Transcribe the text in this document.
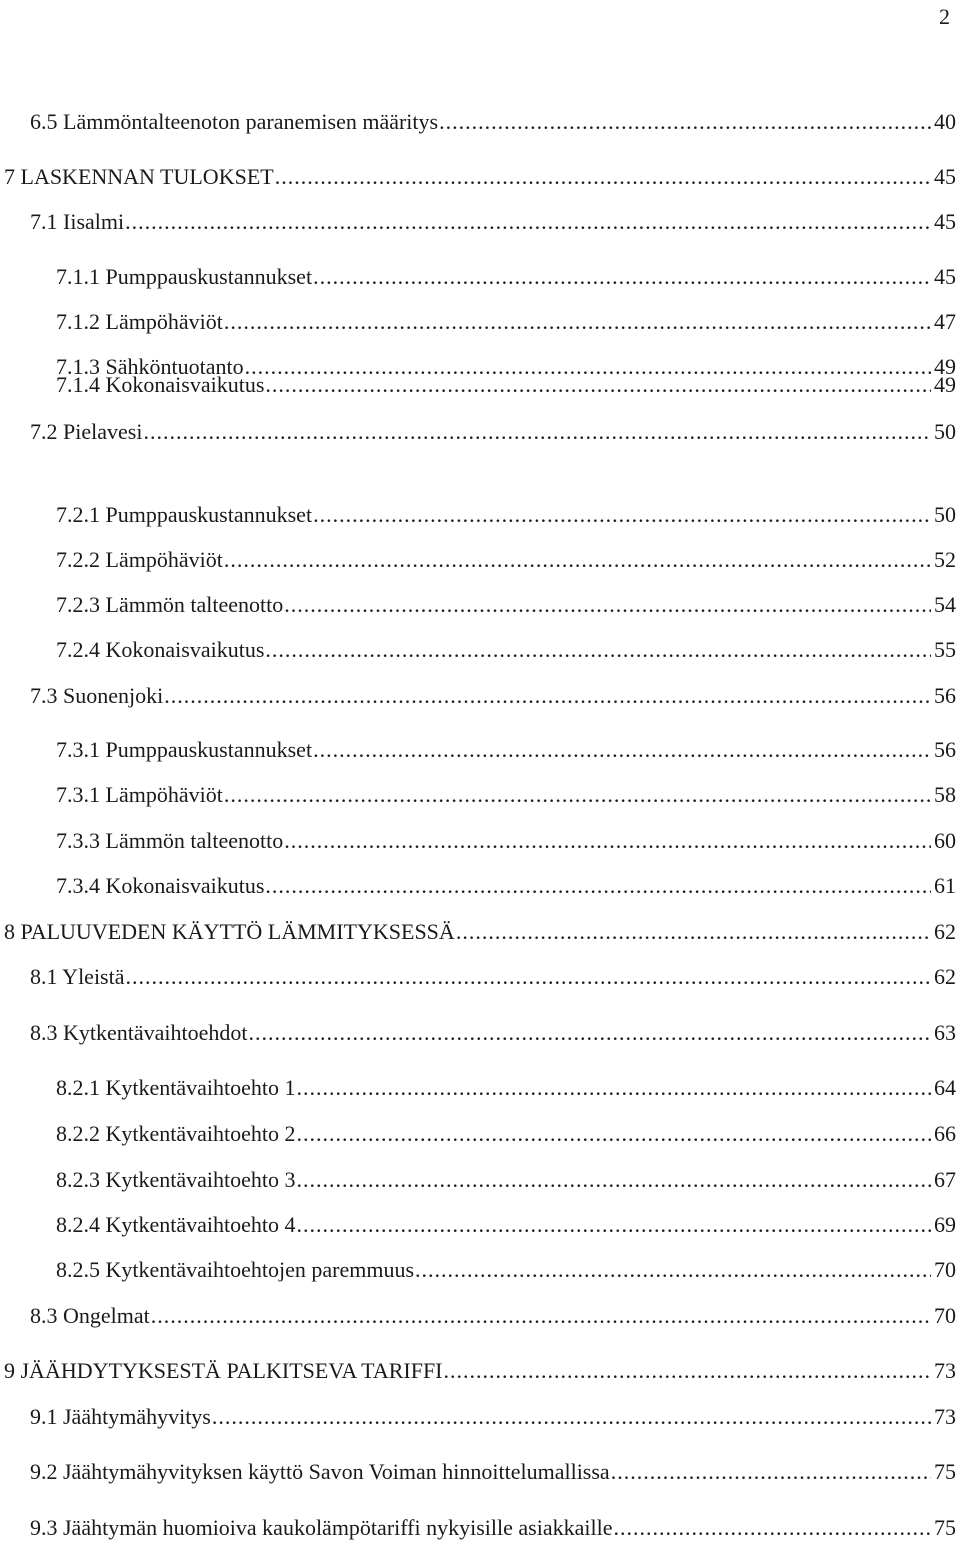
2
6.5 Lämmöntalteenoton paranemisen määritys .....	40
7 LASKENNAN TULOKSET .....	45
7.1 Iisalmi .....	45
7.1.1 Pumppauskustannukset .....	45
7.1.2 Lämpöhäviöt .....	47
7.1.3 Sähköntuotanto .....	49
7.1.4 Kokonaisvaikutus .....	49
7.2 Pielavesi .....	50
7.2.1 Pumppauskustannukset .....	50
7.2.2 Lämpöhäviöt .....	52
7.2.3 Lämmön talteenotto .....	54
7.2.4 Kokonaisvaikutus .....	55
7.3 Suonenjoki .....	56
7.3.1 Pumppauskustannukset .....	56
7.3.1 Lämpöhäviöt .....	58
7.3.3 Lämmön talteenotto .....	60
7.3.4 Kokonaisvaikutus .....	61
8 PALUUVEDEN KÄYTTÖ LÄMMITYKSESSÄ .....	62
8.1 Yleistä .....	62
8.3 Kytkentävaihtoehdot .....	63
8.2.1 Kytkentävaihtoehto 1 .....	64
8.2.2 Kytkentävaihtoehto 2 .....	66
8.2.3 Kytkentävaihtoehto 3 .....	67
8.2.4 Kytkentävaihtoehto 4 .....	69
8.2.5 Kytkentävaihtoehtojen paremmuus .....	70
8.3 Ongelmat .....	70
9 JÄÄHDYTYKSESTÄ PALKITSEVA TARIFFI .....	73
9.1 Jäähtymähyvitys .....	73
9.2 Jäähtymähyvityksen käyttö Savon Voiman hinnoittelumallissa .....	75
9.3 Jäähtymän huomioiva kaukolämpötariffi nykyisille asiakkaille .....	75
